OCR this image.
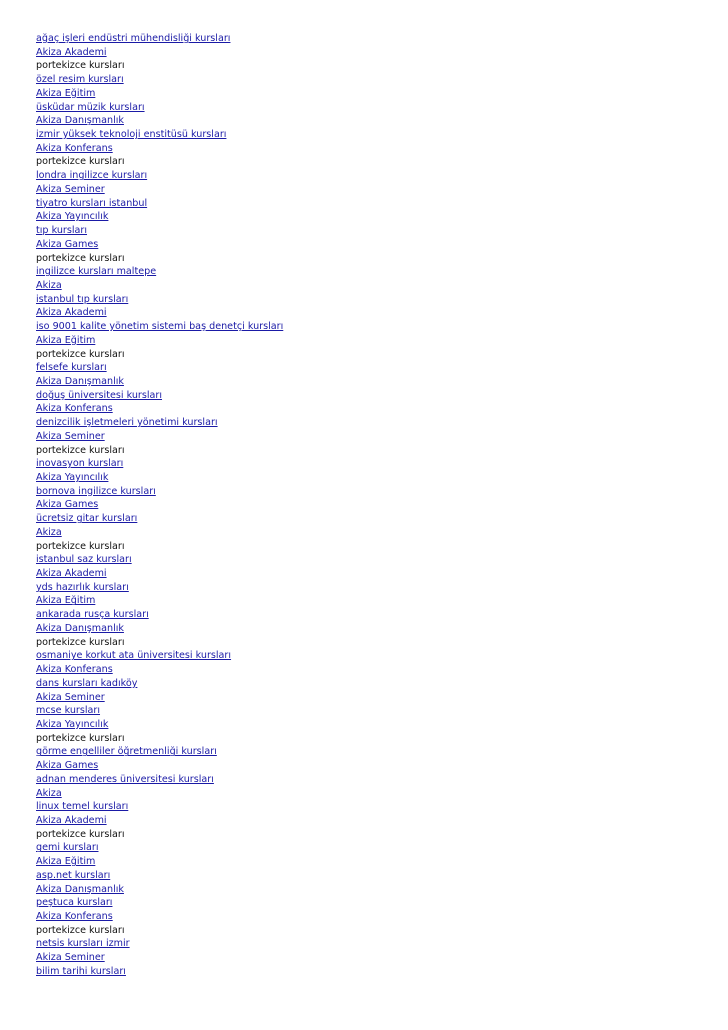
ağaç işleri endüstri mühendisliği kursları
Akiza Akademi
portekizce kursları
özel resim kursları
Akiza Eğitim
üsküdar müzik kursları
Akiza Danışmanlık
izmir yüksek teknoloji enstitüsü kursları
Akiza Konferans
portekizce kursları
londra ingilizce kursları
Akiza Seminer
tiyatro kursları istanbul
Akiza Yayıncılık
tıp kursları
Akiza Games
portekizce kursları
ingilizce kursları maltepe
Akiza
istanbul tıp kursları
Akiza Akademi
iso 9001 kalite yönetim sistemi baş denetçi kursları
Akiza Eğitim
portekizce kursları
felsefe kursları
Akiza Danışmanlık
doğuş üniversitesi kursları
Akiza Konferans
denizcilik işletmeleri yönetimi kursları
Akiza Seminer
portekizce kursları
inovasyon kursları
Akiza Yayıncılık
bornova ingilizce kursları
Akiza Games
ücretsiz gitar kursları
Akiza
portekizce kursları
istanbul saz kursları
Akiza Akademi
yds hazırlık kursları
Akiza Eğitim
ankarada rusça kursları
Akiza Danışmanlık
portekizce kursları
osmaniye korkut ata üniversitesi kursları
Akiza Konferans
dans kursları kadıköy
Akiza Seminer
mcse kursları
Akiza Yayıncılık
portekizce kursları
görme engelliler öğretmenliği kursları
Akiza Games
adnan menderes üniversitesi kursları
Akiza
linux temel kursları
Akiza Akademi
portekizce kursları
gemi kursları
Akiza Eğitim
asp.net kursları
Akiza Danışmanlık
peştuca kursları
Akiza Konferans
portekizce kursları
netsis kursları izmir
Akiza Seminer
bilim tarihi kursları
